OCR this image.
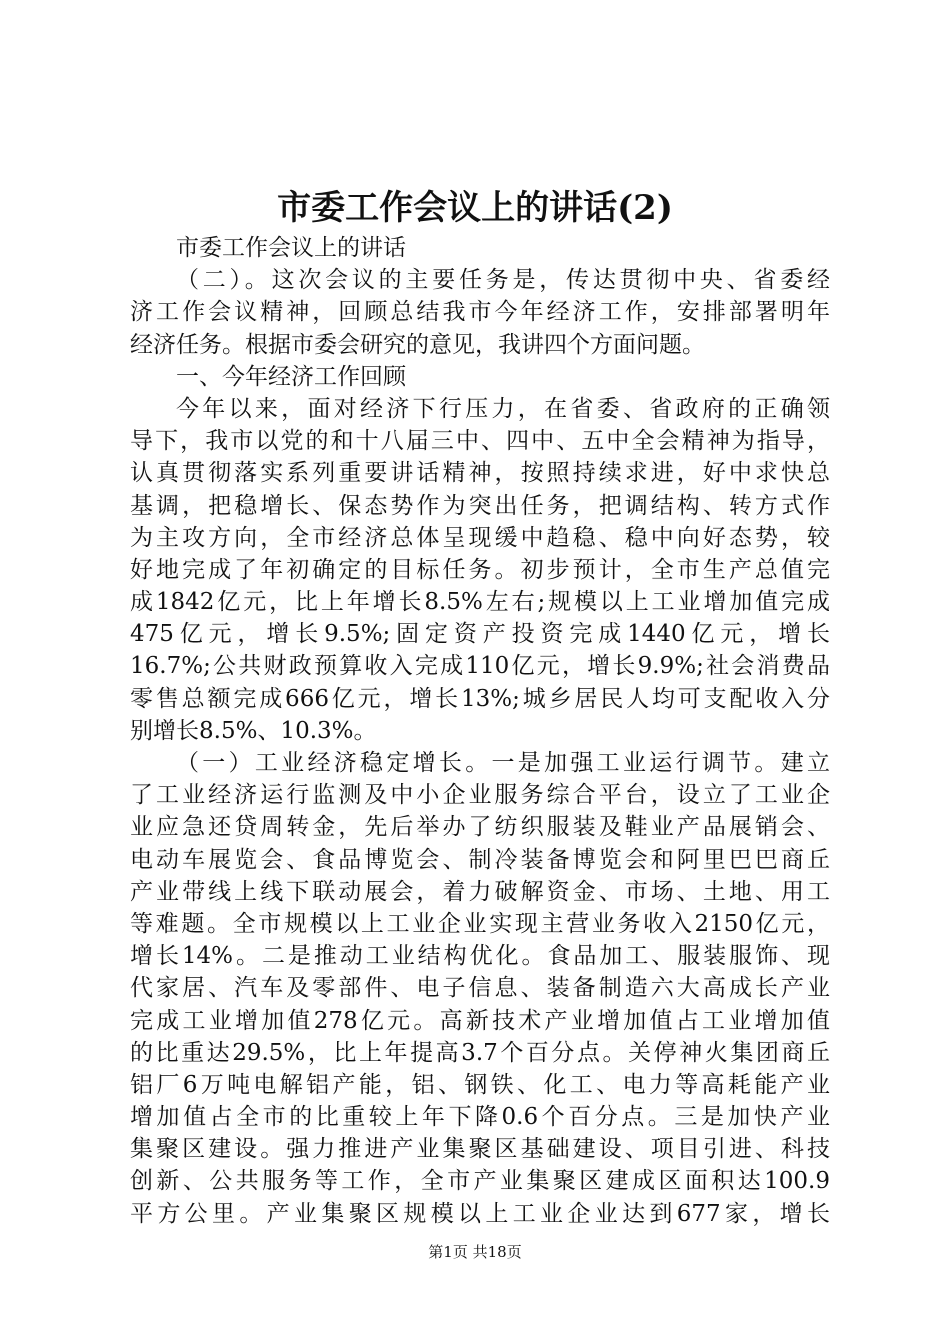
市委工作会议上的讲话(2)
市委工作会议上的讲话
（二）。这次会议的主要任务是，传达贯彻中央、省委经
济工作会议精神，回顾总结我市今年经济工作，安排部署明年
经济任务。根据市委会研究的意见，我讲四个方面问题。
一、今年经济工作回顾
今年以来，面对经济下行压力，在省委、省政府的正确领
导下，我市以党的和十八届三中、四中、五中全会精神为指导，
认真贯彻落实系列重要讲话精神，按照持续求进，好中求快总
基调，把稳增长、保态势作为突出任务，把调结构、转方式作
为主攻方向，全市经济总体呈现缓中趋稳、稳中向好态势，较
好地完成了年初确定的目标任务。初步预计，全市生产总值完
成1842亿元，比上年增长8.5%左右;规模以上工业增加值完成
475亿元，增长9.5%;固定资产投资完成1440亿元，增长
16.7%;公共财政预算收入完成110亿元，增长9.9%;社会消费品
零售总额完成666亿元，增长13%;城乡居民人均可支配收入分
别增长8.5%、10.3%。
（一）工业经济稳定增长。一是加强工业运行调节。建立
了工业经济运行监测及中小企业服务综合平台，设立了工业企
业应急还贷周转金，先后举办了纺织服装及鞋业产品展销会、
电动车展览会、食品博览会、制冷装备博览会和阿里巴巴商丘
产业带线上线下联动展会，着力破解资金、市场、土地、用工
等难题。全市规模以上工业企业实现主营业务收入2150亿元，
增长14%。二是推动工业结构优化。食品加工、服装服饰、现
代家居、汽车及零部件、电子信息、装备制造六大高成长产业
完成工业增加值278亿元。高新技术产业增加值占工业增加值
的比重达29.5%，比上年提高3.7个百分点。关停神火集团商丘
铝厂6万吨电解铝产能，铝、钢铁、化工、电力等高耗能产业
增加值占全市的比重较上年下降0.6个百分点。三是加快产业
集聚区建设。强力推进产业集聚区基础建设、项目引进、科技
创新、公共服务等工作，全市产业集聚区建成区面积达100.9
平方公里。产业集聚区规模以上工业企业达到677家，增长
第1页 共18页
